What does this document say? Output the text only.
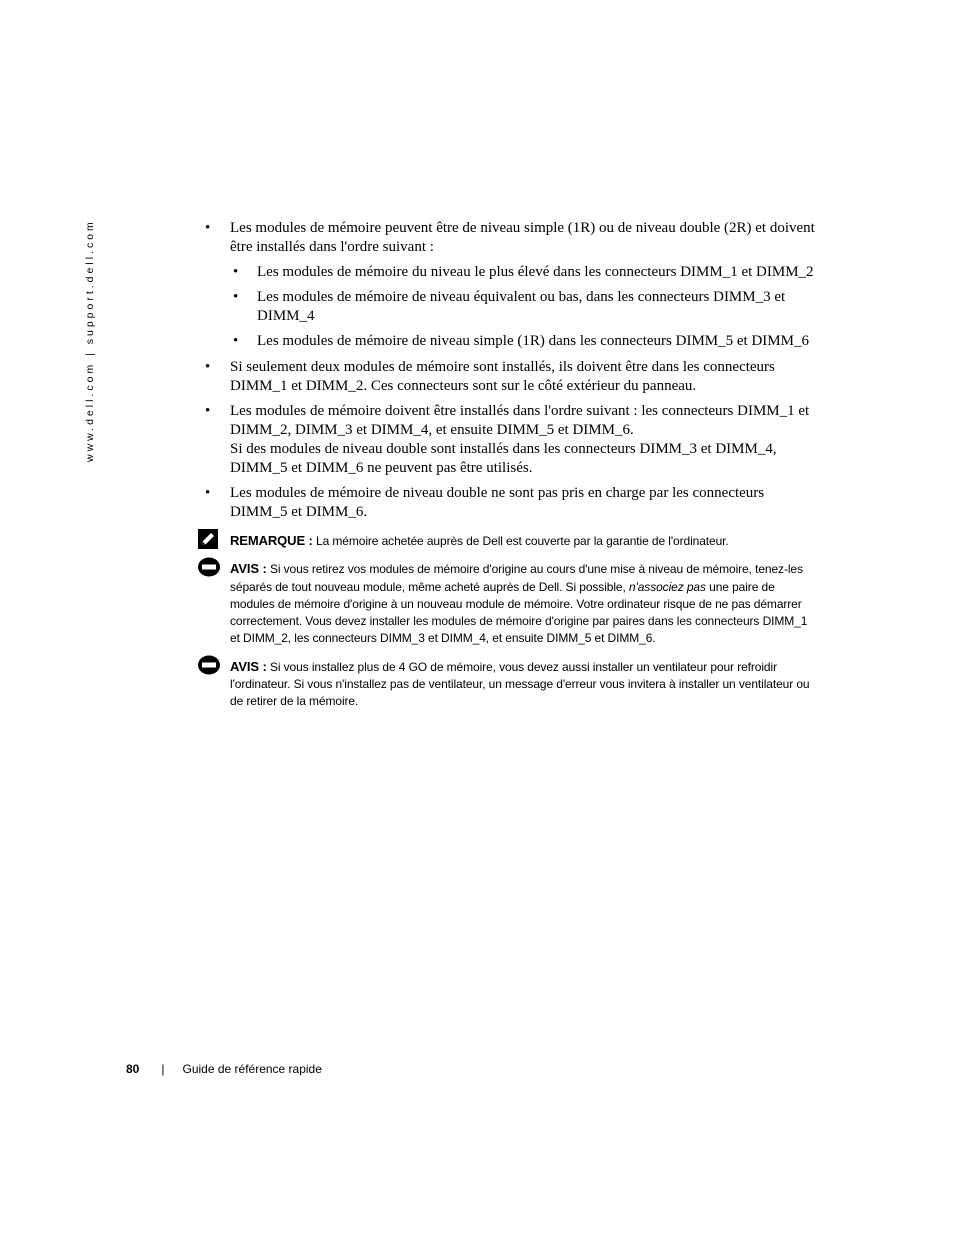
www.dell.com | support.dell.com
•	Les modules de mémoire peuvent être de niveau simple (1R) ou de niveau double (2R) et doivent être installés dans l'ordre suivant :
• Les modules de mémoire du niveau le plus élevé dans les connecteurs DIMM_1 et DIMM_2
• Les modules de mémoire de niveau équivalent ou bas, dans les connecteurs DIMM_3 et DIMM_4
• Les modules de mémoire de niveau simple (1R) dans les connecteurs DIMM_5 et DIMM_6
• Si seulement deux modules de mémoire sont installés, ils doivent être dans les connecteurs DIMM_1 et DIMM_2. Ces connecteurs sont sur le côté extérieur du panneau.
• Les modules de mémoire doivent être installés dans l'ordre suivant : les connecteurs DIMM_1 et DIMM_2, DIMM_3 et DIMM_4, et ensuite DIMM_5 et DIMM_6.
Si des modules de niveau double sont installés dans les connecteurs DIMM_3 et DIMM_4, DIMM_5 et DIMM_6 ne peuvent pas être utilisés.
• Les modules de mémoire de niveau double ne sont pas pris en charge par les connecteurs DIMM_5 et DIMM_6.
REMARQUE : La mémoire achetée auprès de Dell est couverte par la garantie de l'ordinateur.
AVIS : Si vous retirez vos modules de mémoire d'origine au cours d'une mise à niveau de mémoire, tenez-les séparés de tout nouveau module, même acheté auprès de Dell. Si possible, n'associez pas une paire de modules de mémoire d'origine à un nouveau module de mémoire. Votre ordinateur risque de ne pas démarrer correctement. Vous devez installer les modules de mémoire d'origine par paires dans les connecteurs DIMM_1 et DIMM_2, les connecteurs DIMM_3 et DIMM_4, et ensuite DIMM_5 et DIMM_6.
AVIS : Si vous installez plus de 4 GO de mémoire, vous devez aussi installer un ventilateur pour refroidir l'ordinateur. Si vous n'installez pas de ventilateur, un message d'erreur vous invitera à installer un ventilateur ou de retirer de la mémoire.
80 | Guide de référence rapide
